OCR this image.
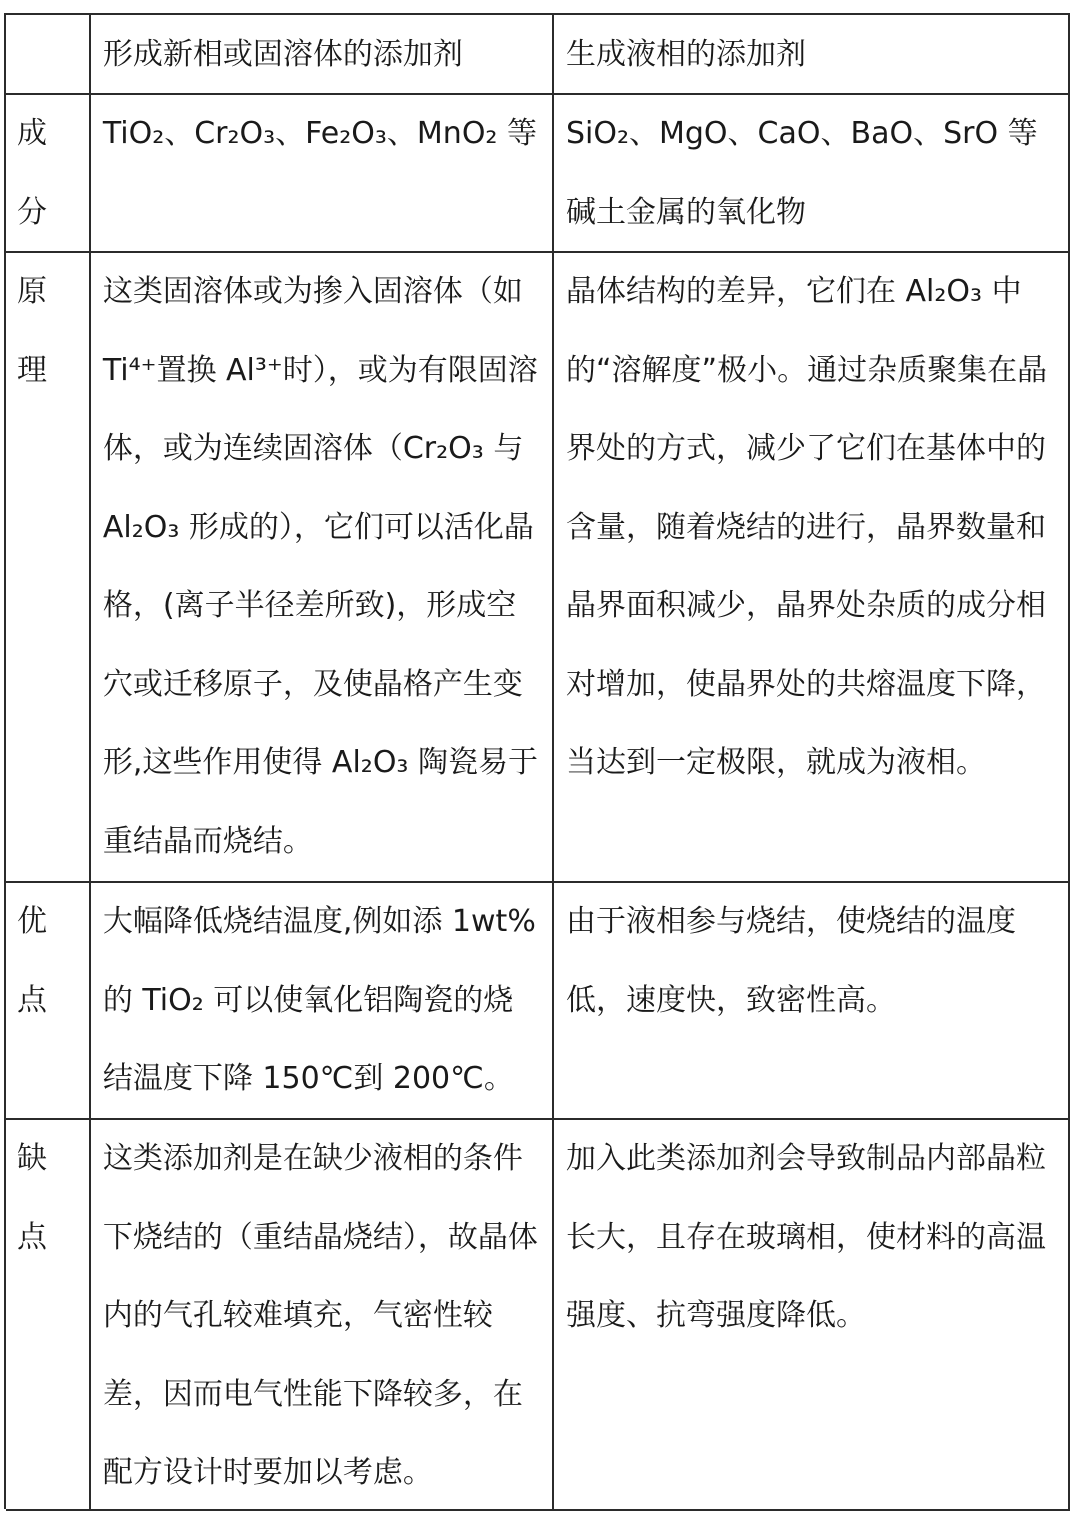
形成新相或固溶体的添加剂	生成液相的添加剂
成
分
TiO₂、Cr₂O₃、Fe₂O₃、MnO₂ 等 SiO₂、MgO、CaO、BaO、SrO 等碱土金属的氧化物
原
理
这类固溶体或为掺入固溶体（如 Ti⁴⁺置换 Al³⁺时），或为有限固溶体，或为连续固溶体（Cr₂O₃ 与 Al₂O₃ 形成的），它们可以活化晶格，(离子半径差所致)，形成空穴或迁移原子，及使晶格产生变形,这些作用使得 Al₂O₃ 陶瓷易于重结晶而烧结。
晶体结构的差异，它们在 Al₂O₃ 中的“溶解度”极小。通过杂质聚集在晶界处的方式，减少了它们在基体中的含量，随着烧结的进行，晶界数量和晶界面积减少，晶界处杂质的成分相对增加，使晶界处的共熔温度下降，当达到一定极限，就成为液相。
优
点
大幅降低烧结温度,例如添 1wt% 的 TiO₂ 可以使氧化铝陶瓷的烧结温度下降 150℃到 200℃。
由于液相参与烧结，使烧结的温度低，速度快，致密性高。
缺
点
这类添加剂是在缺少液相的条件下烧结的（重结晶烧结），故晶体内的气孔较难填充，气密性较差，因而电气性能下降较多，在配方设计时要加以考虑。
加入此类添加剂会导致制品内部晶粒长大，且存在玻璃相，使材料的高温强度、抗弯强度降低。
